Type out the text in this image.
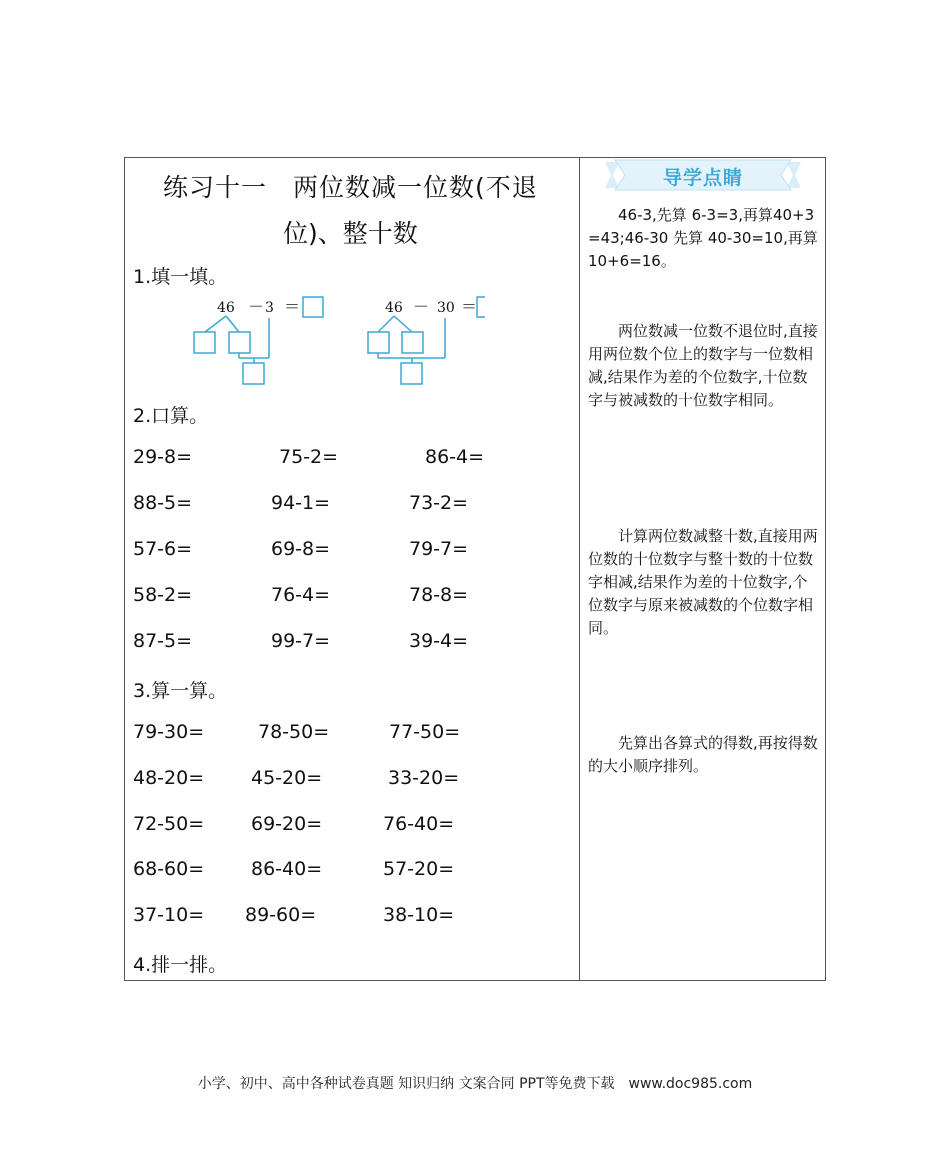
练习十一　两位数减一位数(不退
位)、整十数
1.填一填。
46 － 3 ＝	46 － 30 ＝
2.口算。
29-8=	75-2=	86-4=
88-5=	94-1=	73-2=
57-6=	69-8=	79-7=
58-2=	76-4=	78-8=
87-5=	99-7=	39-4=
3.算一算。
79-30=	78-50=	77-50=
48-20= 45-20=	33-20=
72-50= 69-20=	76-40=
68-60= 86-40=	57-20=
37-10= 89-60=	38-10=
4.排一排。
导学点睛

46-3,先算 6-3=3,再算40+3=43;46-30 先算 40-30=10,再算 10+6=16。

两位数减一位数不退位时,直接用两位数个位上的数字与一位数相减,结果作为差的个位数字,十位数字与被减数的十位数字相同。

计算两位数减整十数,直接用两位数的十位数字与整十数的十位数字相减,结果作为差的十位数字,个位数字与原来被减数的个位数字相同。

先算出各算式的得数,再按得数的大小顺序排列。

小学、初中、高中各种试卷真题 知识归纳 文案合同 PPT等免费下载　www.doc985.com
